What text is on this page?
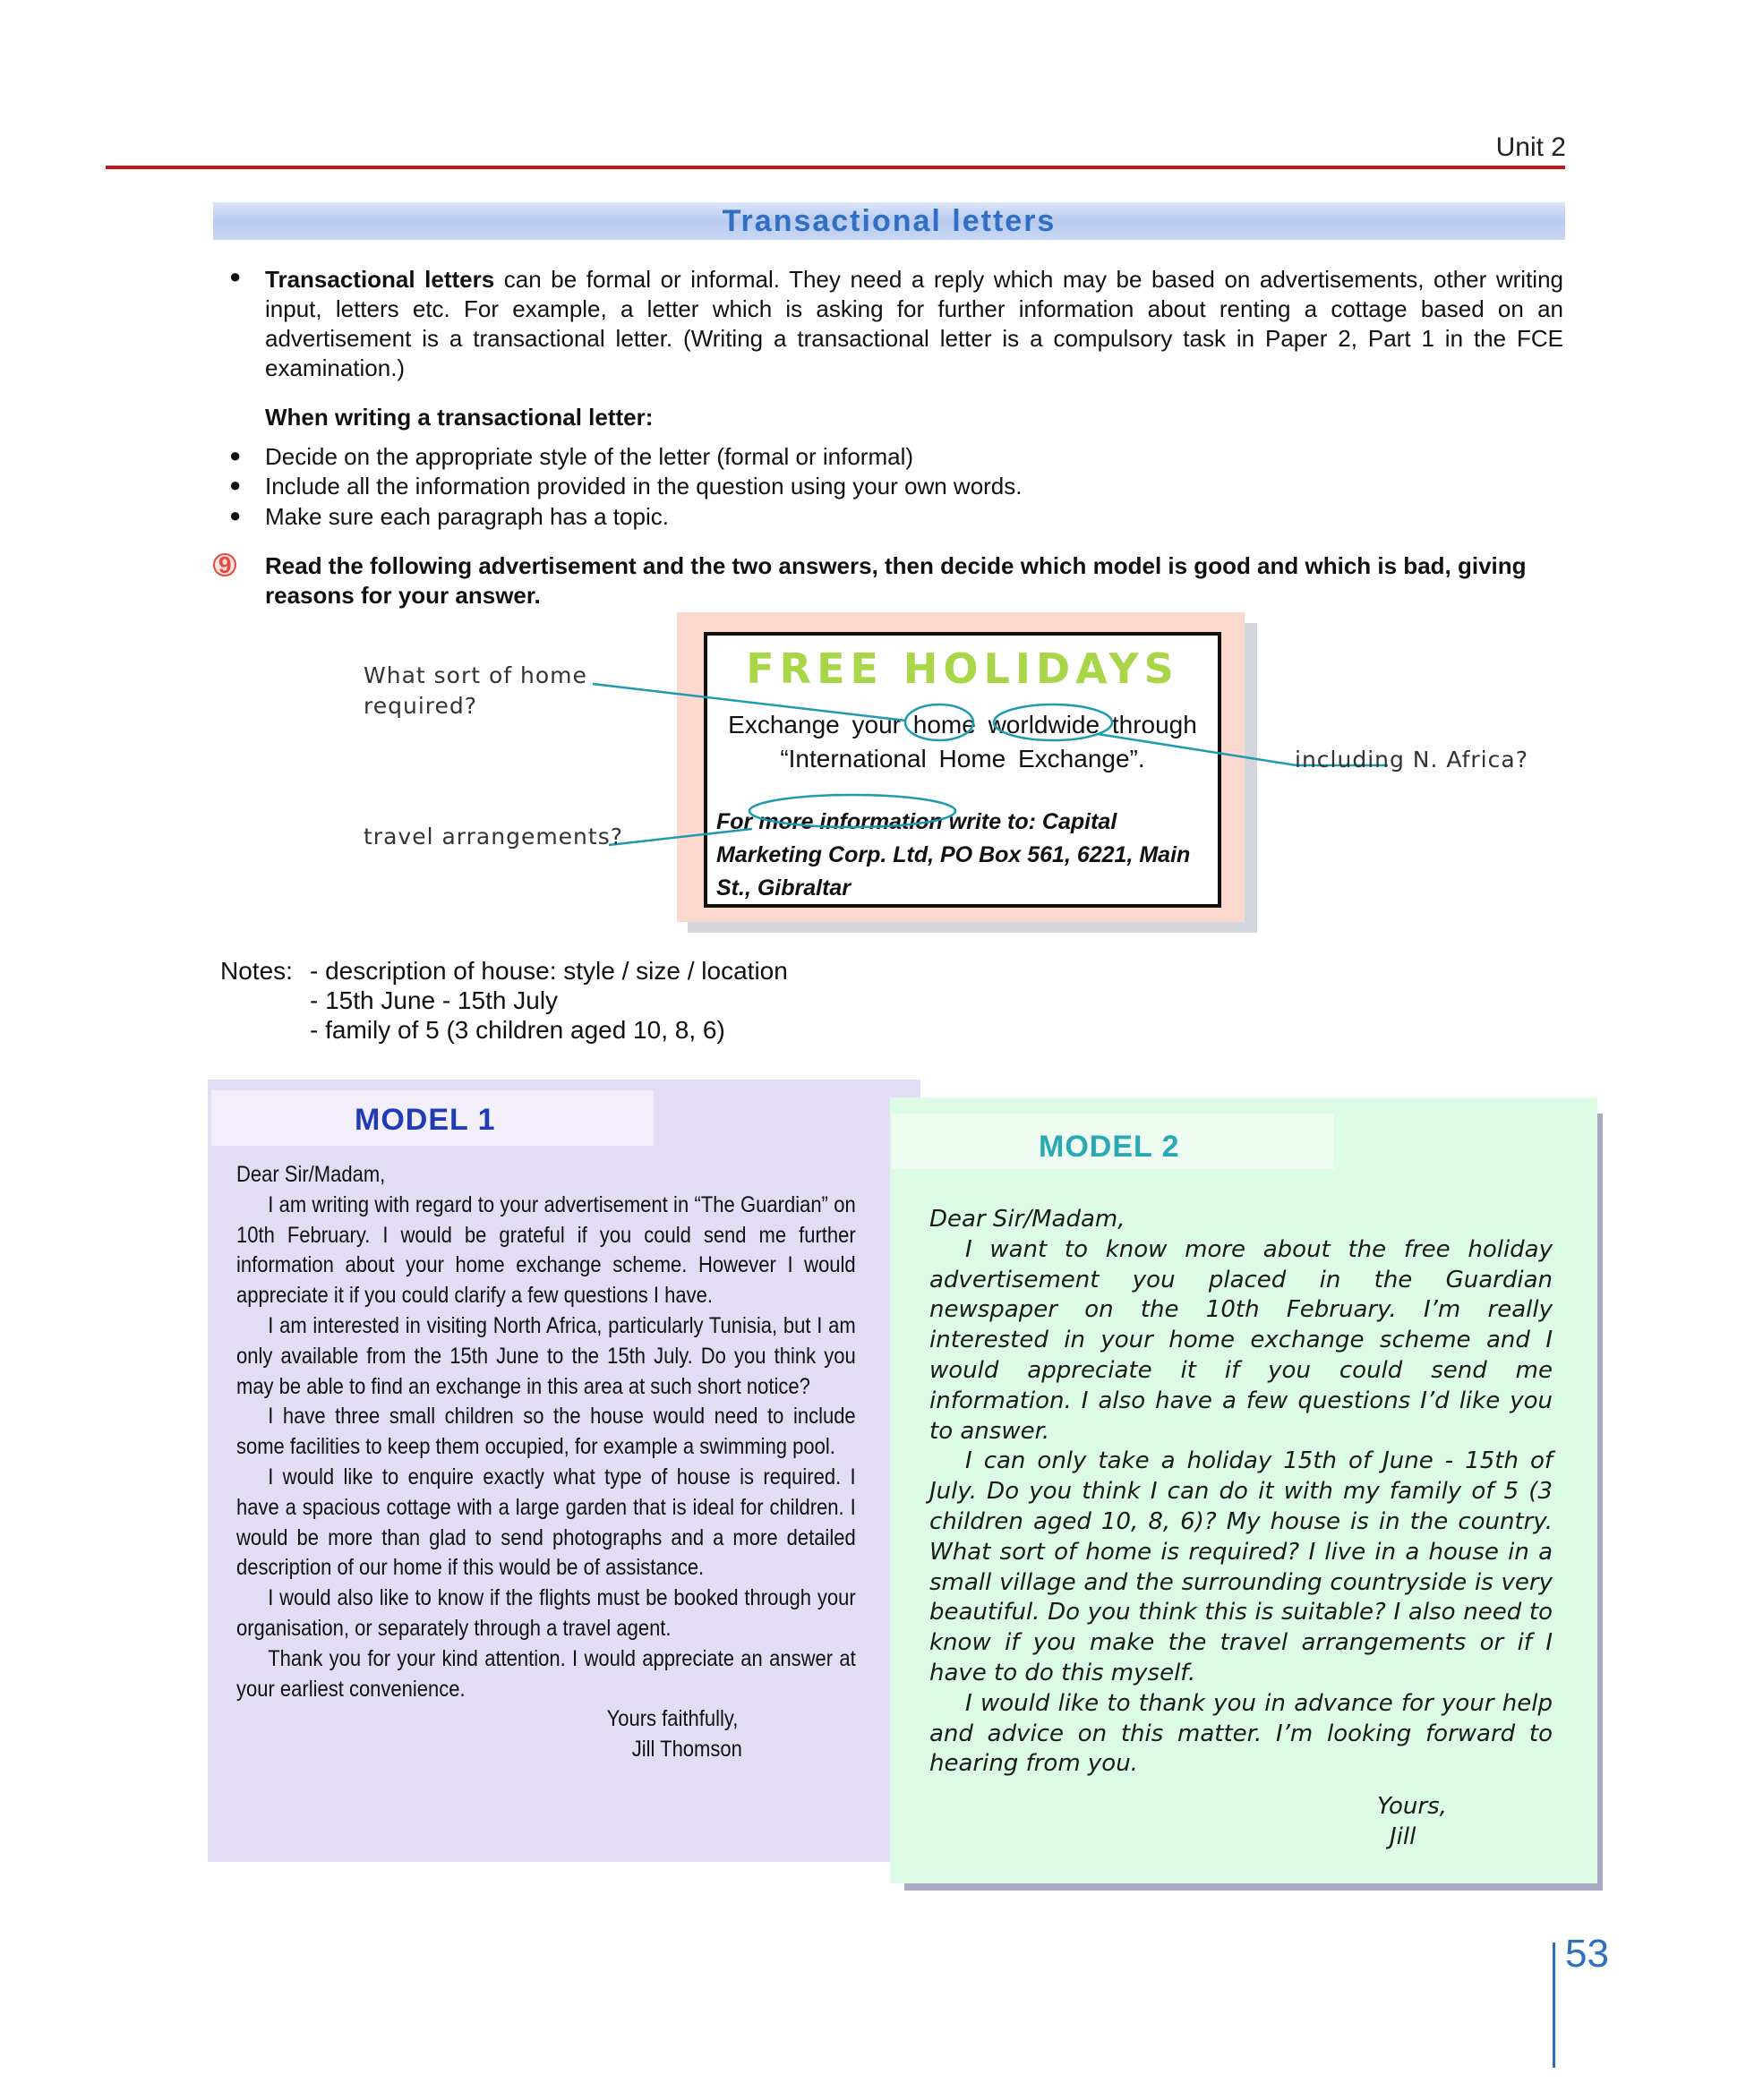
Unit 2
Transactional letters
● Transactional letters can be formal or informal. They need a reply which may be based on advertisements, other writing input, letters etc. For example, a letter which is asking for further information about renting a cottage based on an advertisement is a transactional letter. (Writing a transactional letter is a compulsory task in Paper 2, Part 1 in the FCE examination.)
When writing a transactional letter:
● Decide on the appropriate style of the letter (formal or informal)
● Include all the information provided in the question using your own words.
● Make sure each paragraph has a topic.
9 Read the following advertisement and the two answers, then decide which model is good and which is bad, giving reasons for your answer.
FREE HOLIDAYS
Exchange your home worldwide through
“International Home Exchange”.
For more information write to: Capital Marketing Corp. Ltd, PO Box 561, 6221, Main St., Gibraltar
What sort of home
required?
travel arrangements?
including N. Africa?
Notes: - description of house: style / size / location
- 15th June - 15th July
- family of 5 (3 children aged 10, 8, 6)
MODEL 1

Dear Sir/Madam,

I am writing with regard to your advertisement in “The Guardian” on 10th February. I would be grateful if you could send me further information about your home exchange scheme. However I would appreciate it if you could clarify a few questions I have.

I am interested in visiting North Africa, particularly Tunisia, but I am only available from the 15th June to the 15th July. Do you think you may be able to find an exchange in this area at such short notice?

I have three small children so the house would need to include some facilities to keep them occupied, for example a swimming pool.

I would like to enquire exactly what type of house is required. I have a spacious cottage with a large garden that is ideal for children. I would be more than glad to send photographs and a more detailed description of our home if this would be of assistance.

I would also like to know if the flights must be booked through your organisation, or separately through a travel agent.

Thank you for your kind attention. I would appreciate an answer at your earliest convenience.

Yours faithfully,

Jill Thomson

MODEL 2

Dear Sir/Madam,

I want to know more about the free holiday advertisement you placed in the Guardian newspaper on the 10th February. I’m really interested in your home exchange scheme and I would appreciate it if you could send me information. I also have a few questions I’d like you to answer.

I can only take a holiday 15th of June - 15th of July. Do you think I can do it with my family of 5 (3 children aged 10, 8, 6)? My house is in the country. What sort of home is required? I live in a house in a small village and the surrounding countryside is very beautiful. Do you think this is suitable? I also need to know if you make the travel arrangements or if I have to do this myself.

I would like to thank you in advance for your help and advice on this matter. I’m looking forward to hearing from you.

Yours,

Jill

53
